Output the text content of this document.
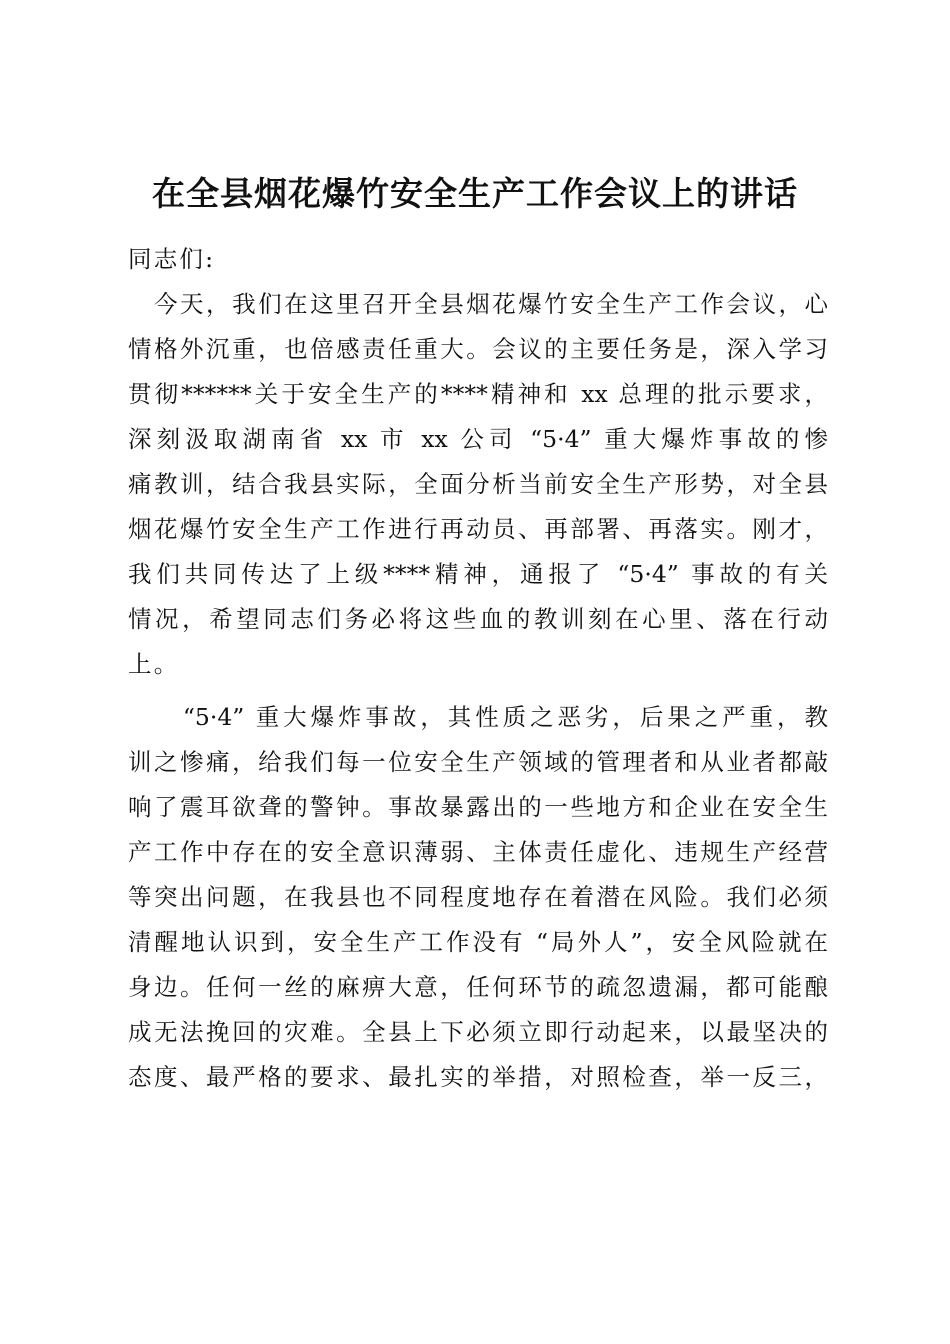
在全县烟花爆竹安全生产工作会议上的讲话
同志们:
　今天，我们在这里召开全县烟花爆竹安全生产工作会议，心
情格外沉重，也倍感责任重大。会议的主要任务是，深入学习
贯彻******关于安全生产的****精神和 xx 总理的批示要求，
深刻汲取湖南省 xx 市 xx 公司 “5·4” 重大爆炸事故的惨
痛教训，结合我县实际，全面分析当前安全生产形势，对全县
烟花爆竹安全生产工作进行再动员、再部署、再落实。刚才，
我们共同传达了上级****精神，通报了 “5·4” 事故的有关
情况，希望同志们务必将这些血的教训刻在心里、落在行动
上。
　　“5·4” 重大爆炸事故，其性质之恶劣，后果之严重，教
训之惨痛，给我们每一位安全生产领域的管理者和从业者都敲
响了震耳欲聋的警钟。事故暴露出的一些地方和企业在安全生
产工作中存在的安全意识薄弱、主体责任虚化、违规生产经营
等突出问题，在我县也不同程度地存在着潜在风险。我们必须
清醒地认识到，安全生产工作没有 “局外人”，安全风险就在
身边。任何一丝的麻痹大意，任何环节的疏忽遗漏，都可能酿
成无法挽回的灾难。全县上下必须立即行动起来，以最坚决的
态度、最严格的要求、最扎实的举措，对照检查，举一反三，
